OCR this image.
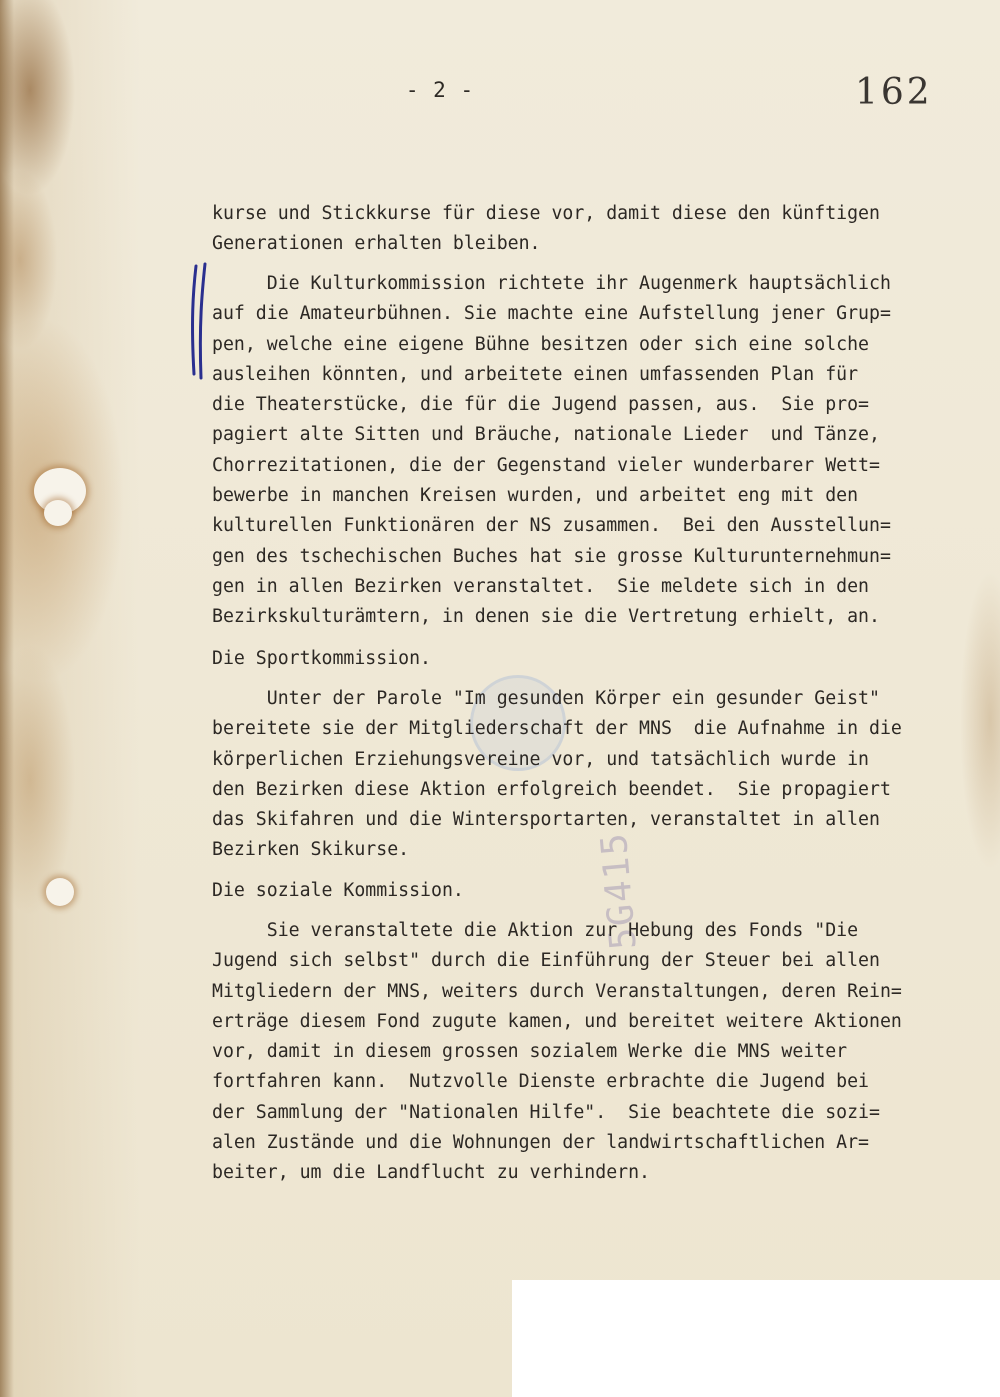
- 2 -	162
5G415
kurse und Stickkurse für diese vor, damit diese den künftigen
Generationen erhalten bleiben.
Die Kulturkommission richtete ihr Augenmerk hauptsächlich
auf die Amateurbühnen. Sie machte eine Aufstellung jener Grup=
pen, welche eine eigene Bühne besitzen oder sich eine solche
ausleihen könnten, und arbeitete einen umfassenden Plan für
die Theaterstücke, die für die Jugend passen, aus.  Sie pro=
pagiert alte Sitten und Bräuche, nationale Lieder  und Tänze,
Chorrezitationen, die der Gegenstand vieler wunderbarer Wett=
bewerbe in manchen Kreisen wurden, und arbeitet eng mit den
kulturellen Funktionären der NS zusammen.  Bei den Ausstellun=
gen des tschechischen Buches hat sie grosse Kulturunternehmun=
gen in allen Bezirken veranstaltet.  Sie meldete sich in den
Bezirkskulturämtern, in denen sie die Vertretung erhielt, an.
Die Sportkommission.
Unter der Parole "Im gesunden Körper ein gesunder Geist"
bereitete sie der Mitgliederschaft der MNS  die Aufnahme in die
körperlichen Erziehungsvereine vor, und tatsächlich wurde in
den Bezirken diese Aktion erfolgreich beendet.  Sie propagiert
das Skifahren und die Wintersportarten, veranstaltet in allen
Bezirken Skikurse.
Die soziale Kommission.
Sie veranstaltete die Aktion zur Hebung des Fonds "Die
Jugend sich selbst" durch die Einführung der Steuer bei allen
Mitgliedern der MNS, weiters durch Veranstaltungen, deren Rein=
erträge diesem Fond zugute kamen, und bereitet weitere Aktionen
vor, damit in diesem grossen sozialem Werke die MNS weiter
fortfahren kann.  Nutzvolle Dienste erbrachte die Jugend bei
der Sammlung der "Nationalen Hilfe".  Sie beachtete die sozi=
alen Zustände und die Wohnungen der landwirtschaftlichen Ar=
beiter, um die Landflucht zu verhindern.
